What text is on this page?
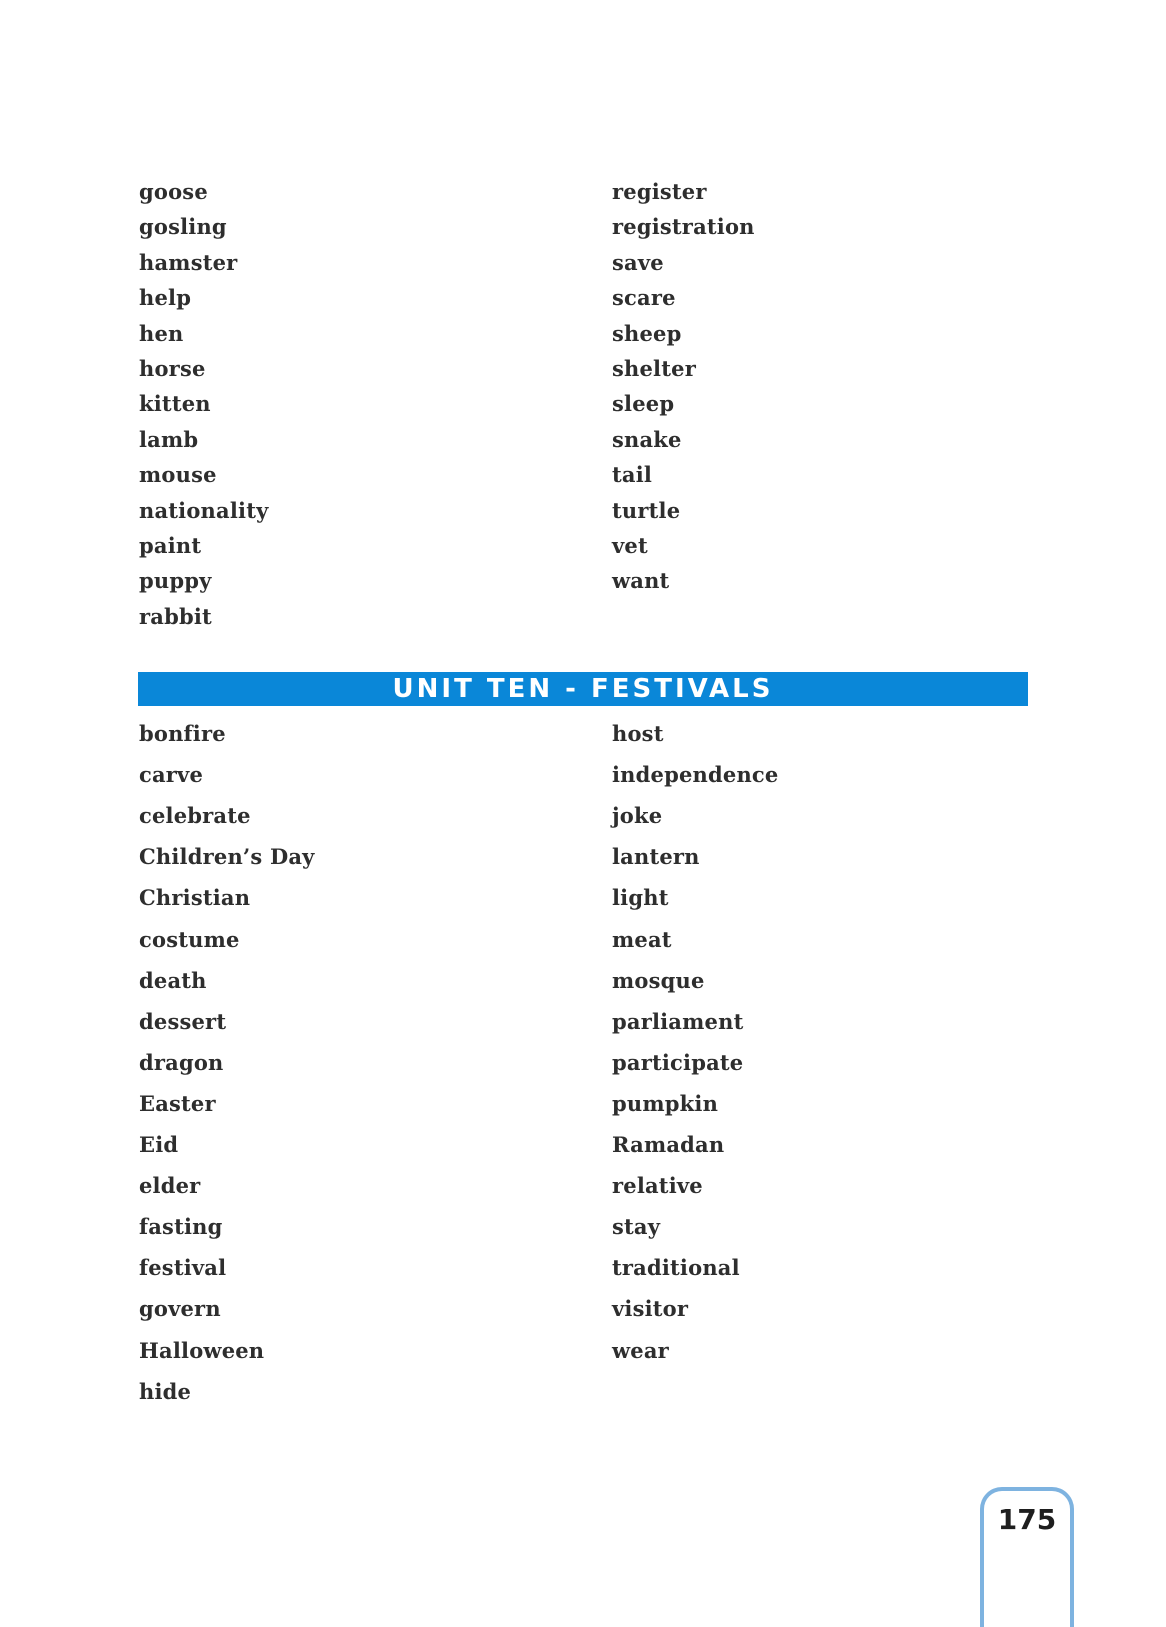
goose
gosling
hamster
help
hen
horse
kitten
lamb
mouse
nationality
paint
puppy
rabbit
register
registration
save
scare
sheep
shelter
sleep
snake
tail
turtle
vet
want
UNIT TEN - FESTIVALS
bonfire
carve
celebrate
Children’s Day
Christian
costume
death
dessert
dragon
Easter
Eid
elder
fasting
festival
govern
Halloween
hide
host
independence
joke
lantern
light
meat
mosque
parliament
participate
pumpkin
Ramadan
relative
stay
traditional
visitor
wear
175
